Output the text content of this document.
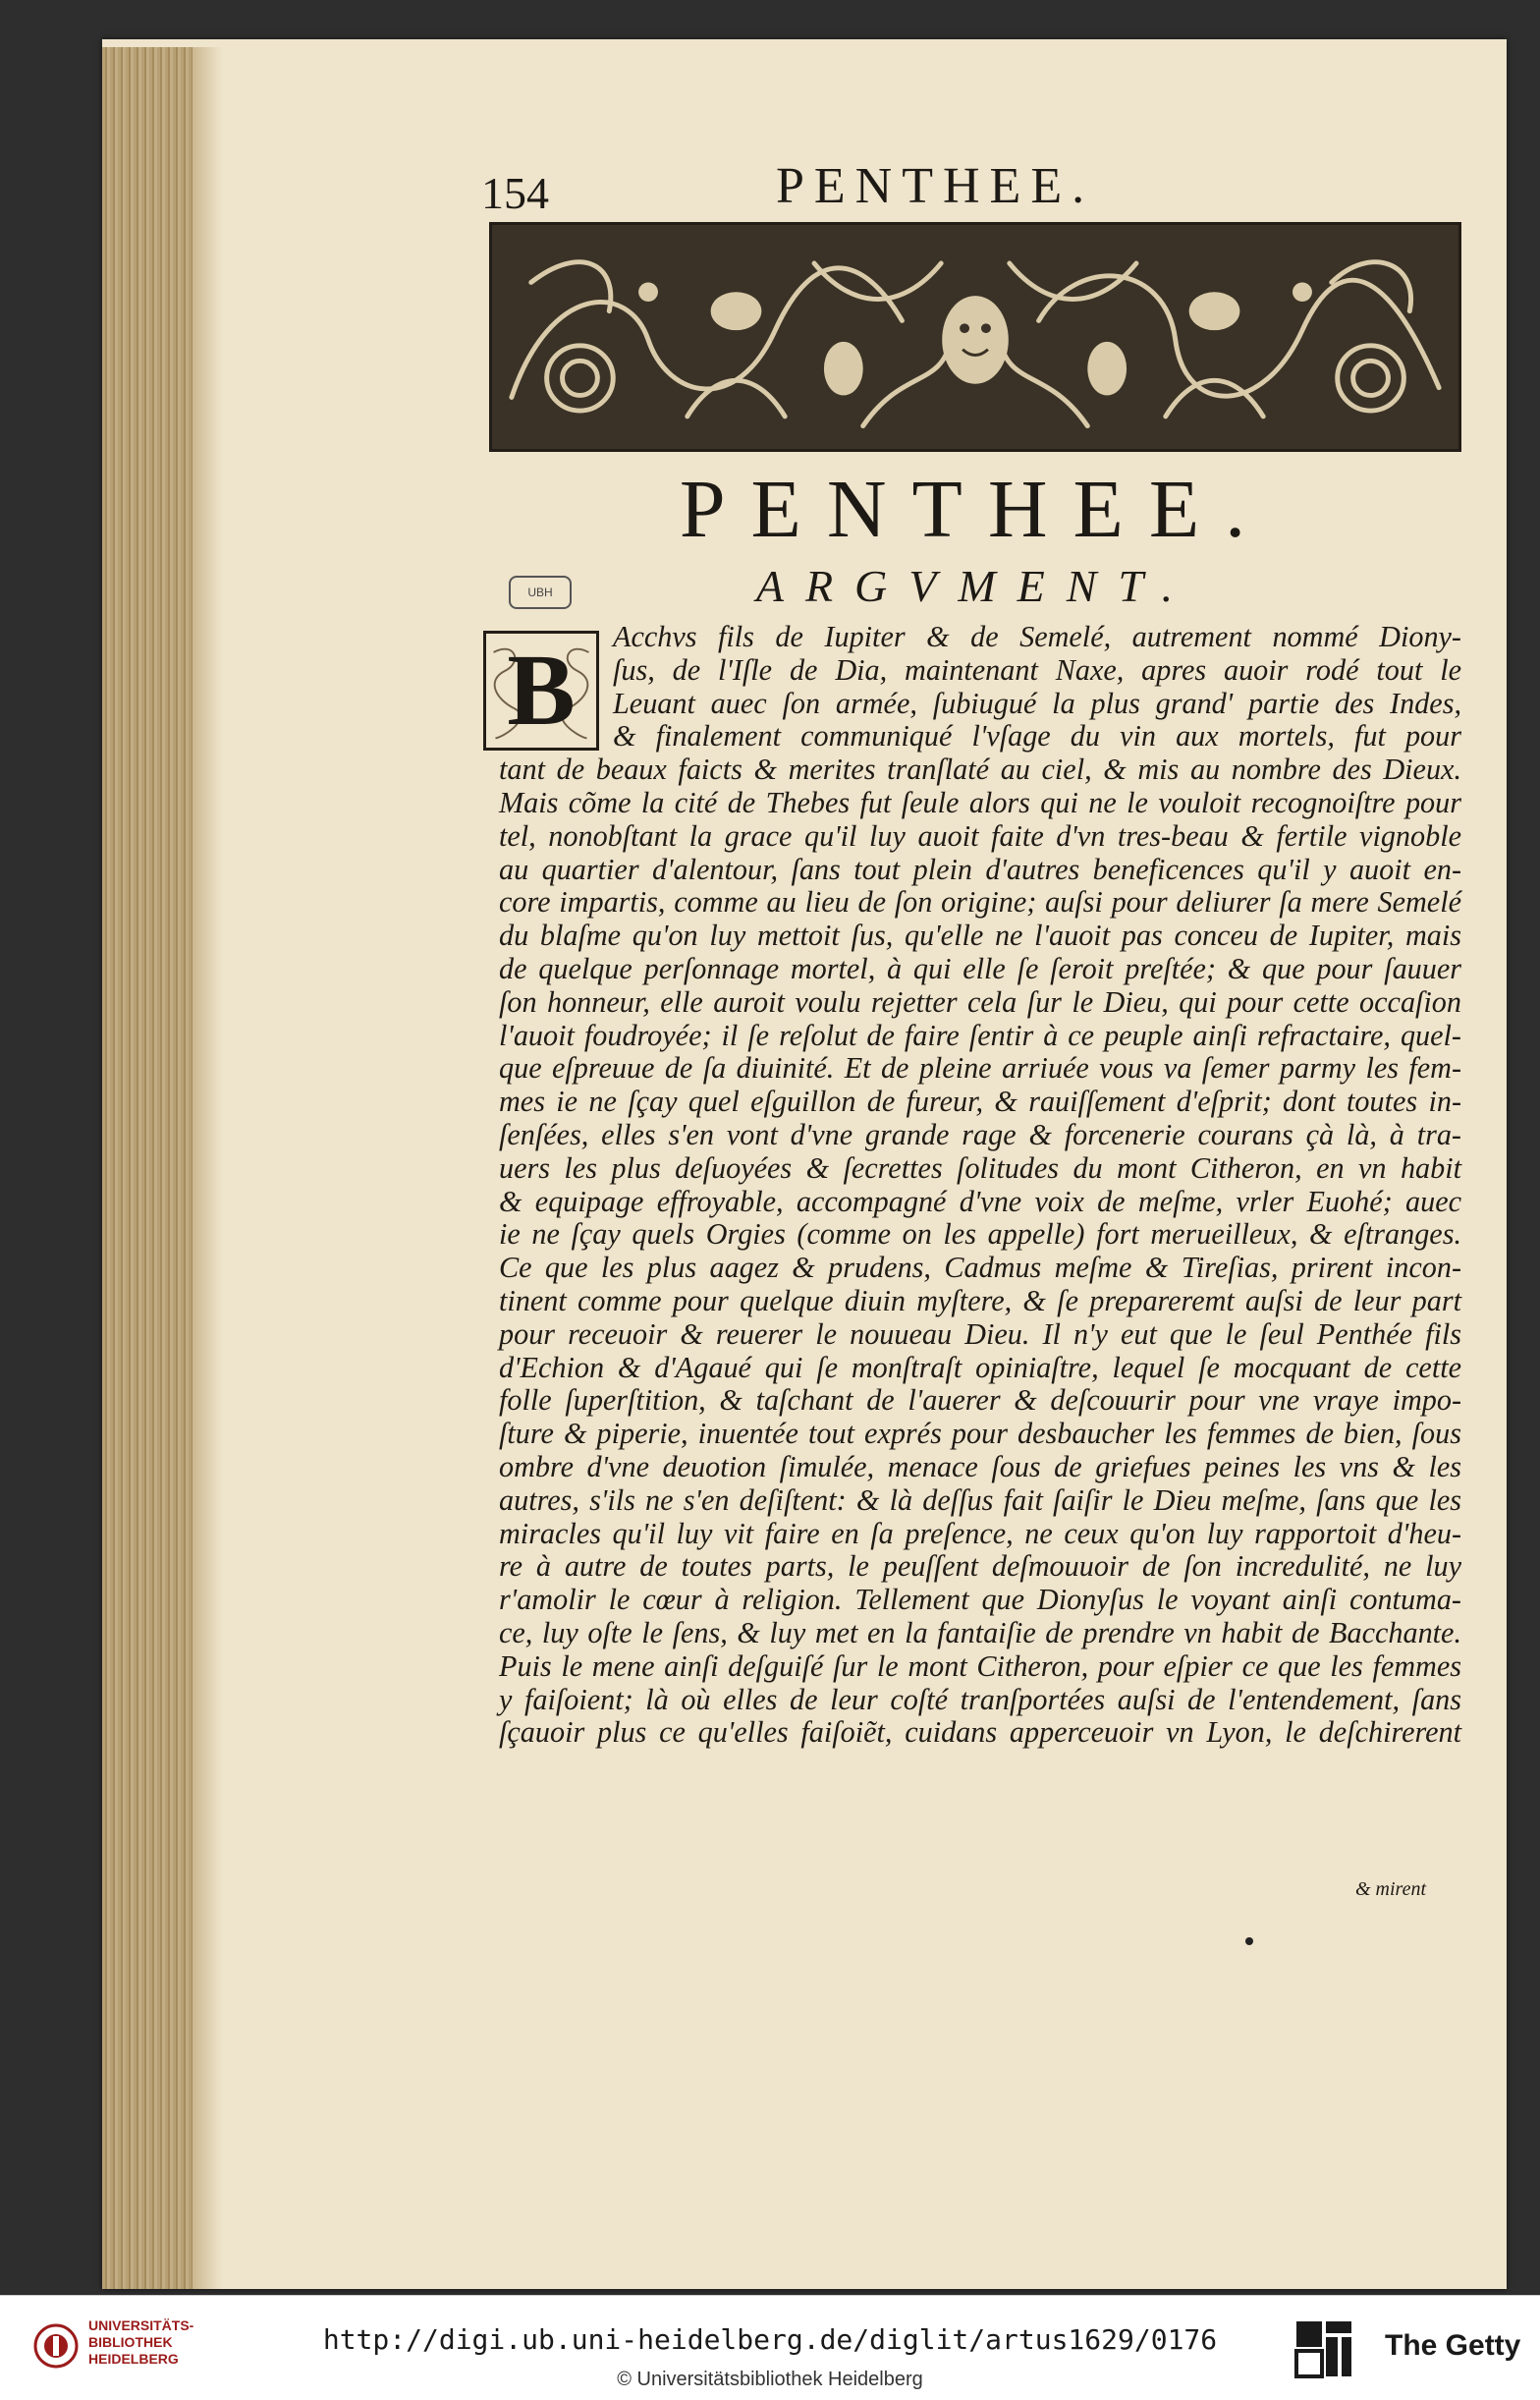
154	PENTHEE.
PENTHEE.
UBH	ARGVMENT.
B	Acchvs fils de Iupiter & de Semelé, autrement nommé Diony-
ſus, de l'Iſle de Dia, maintenant Naxe, apres auoir rodé tout le
Leuant auec ſon armée, ſubiugué la plus grand' partie des Indes,
& finalement communiqué l'vſage du vin aux mortels, fut pour
tant de beaux faicts & merites tranſlaté au ciel, & mis au nombre des Dieux.
Mais cõme la cité de Thebes fut ſeule alors qui ne le vouloit recognoiſtre pour
tel, nonobſtant la grace qu'il luy auoit faite d'vn tres-beau & fertile vignoble
au quartier d'alentour, ſans tout plein d'autres beneficences qu'il y auoit en-
core impartis, comme au lieu de ſon origine; auſsi pour deliurer ſa mere Semelé
du blaſme qu'on luy mettoit ſus, qu'elle ne l'auoit pas conceu de Iupiter, mais
de quelque perſonnage mortel, à qui elle ſe ſeroit preſtée; & que pour ſauuer
ſon honneur, elle auroit voulu rejetter cela ſur le Dieu, qui pour cette occaſion
l'auoit foudroyée; il ſe reſolut de faire ſentir à ce peuple ainſi refractaire, quel-
que eſpreuue de ſa diuinité. Et de pleine arriuée vous va ſemer parmy les fem-
mes ie ne ſçay quel eſguillon de fureur, & rauiſſement d'eſprit; dont toutes in-
ſenſées, elles s'en vont d'vne grande rage & forcenerie courans çà là, à tra-
uers les plus deſuoyées & ſecrettes ſolitudes du mont Citheron, en vn habit
& equipage effroyable, accompagné d'vne voix de meſme, vrler Euohé; auec
ie ne ſçay quels Orgies (comme on les appelle) fort merueilleux, & eſtranges.
Ce que les plus aagez & prudens, Cadmus meſme & Tireſias, prirent incon-
tinent comme pour quelque diuin myſtere, & ſe prepareremt auſsi de leur part
pour receuoir & reuerer le nouueau Dieu. Il n'y eut que le ſeul Penthée fils
d'Echion & d'Agaué qui ſe monſtraſt opiniaſtre, lequel ſe mocquant de cette
folle ſuperſtition, & taſchant de l'auerer & deſcouurir pour vne vraye impo-
ſture & piperie, inuentée tout exprés pour desbaucher les femmes de bien, ſous
ombre d'vne deuotion ſimulée, menace ſous de griefues peines les vns & les
autres, s'ils ne s'en deſiſtent: & là deſſus fait ſaiſir le Dieu meſme, ſans que les
miracles qu'il luy vit faire en ſa preſence, ne ceux qu'on luy rapportoit d'heu-
re à autre de toutes parts, le peuſſent deſmouuoir de ſon incredulité, ne luy
r'amolir le cœur à religion. Tellement que Dionyſus le voyant ainſi contuma-
ce, luy oſte le ſens, & luy met en la fantaiſie de prendre vn habit de Bacchante.
Puis le mene ainſi deſguiſé ſur le mont Citheron, pour eſpier ce que les femmes
y faiſoient; là où elles de leur coſté tranſportées auſsi de l'entendement, ſans
ſçauoir plus ce qu'elles faiſoiẽt, cuidans apperceuoir vn Lyon, le deſchirerent
& mirent
UNIVERSITÄTS-
BIBLIOTHEK
HEIDELBERG
http://digi.ub.uni-heidelberg.de/diglit/artus1629/0176
© Universitätsbibliothek Heidelberg
The Getty
